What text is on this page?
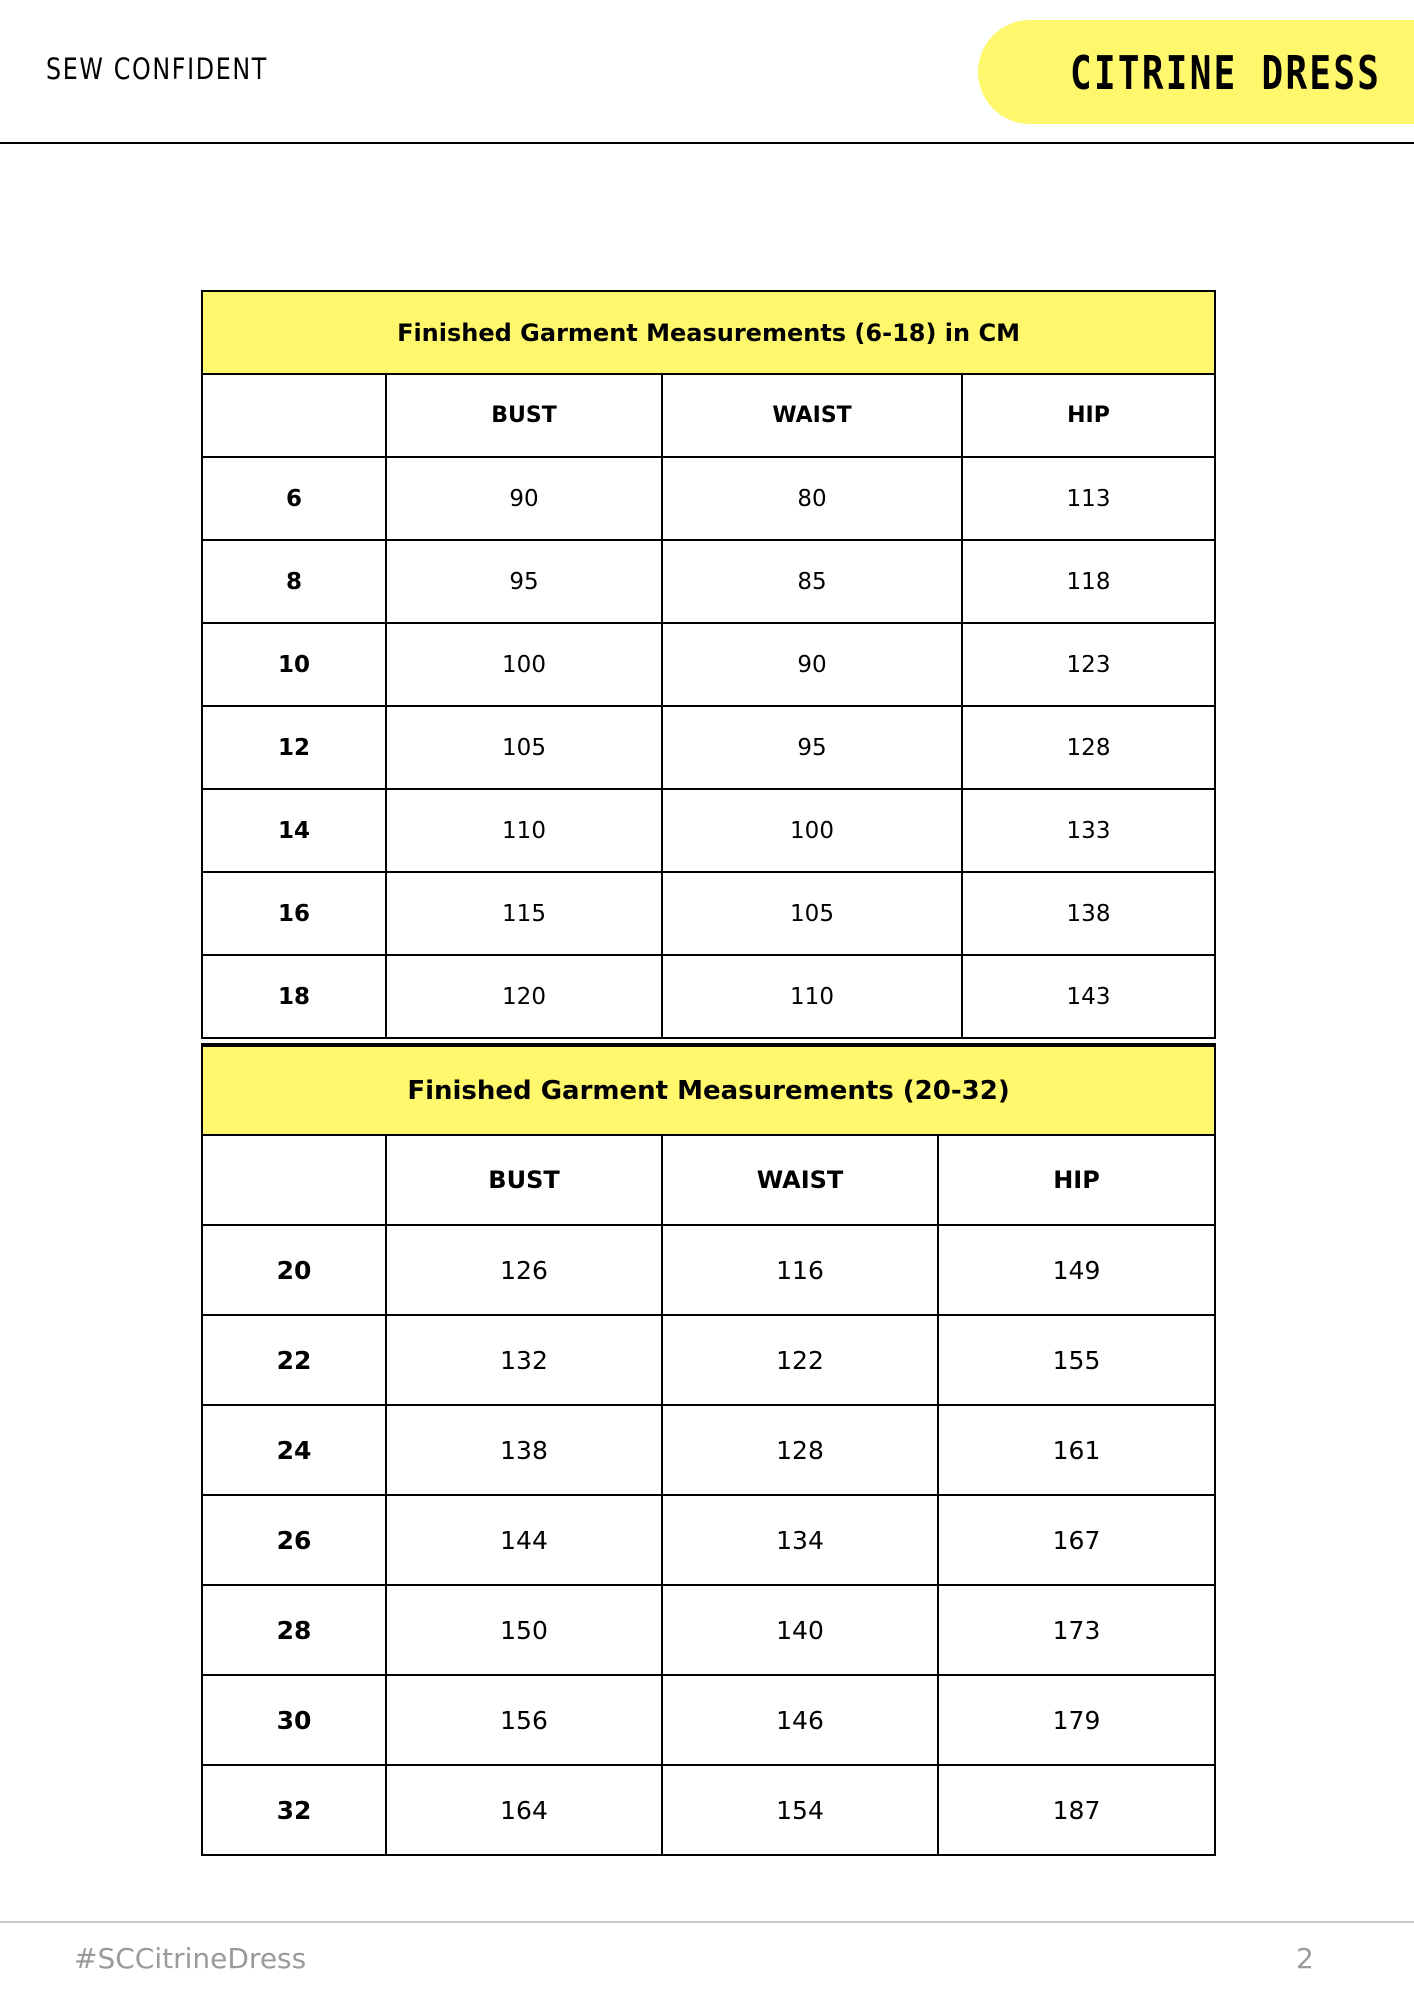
SEW CONFIDENT	CITRINE DRESS
Finished Garment Measurements (6-18) in CM			
	BUST	WAIST	HIP
6	90	80	113
8	95	85	118
10	100	90	123
12	105	95	128
14	110	100	133
16	115	105	138
18	120	110	143
Finished Garment Measurements (20-32)			
	BUST	WAIST	HIP
20	126	116	149
22	132	122	155
24	138	128	161
26	144	134	167
28	150	140	173
30	156	146	179
32	164	154	187
#SCCitrineDress	2
